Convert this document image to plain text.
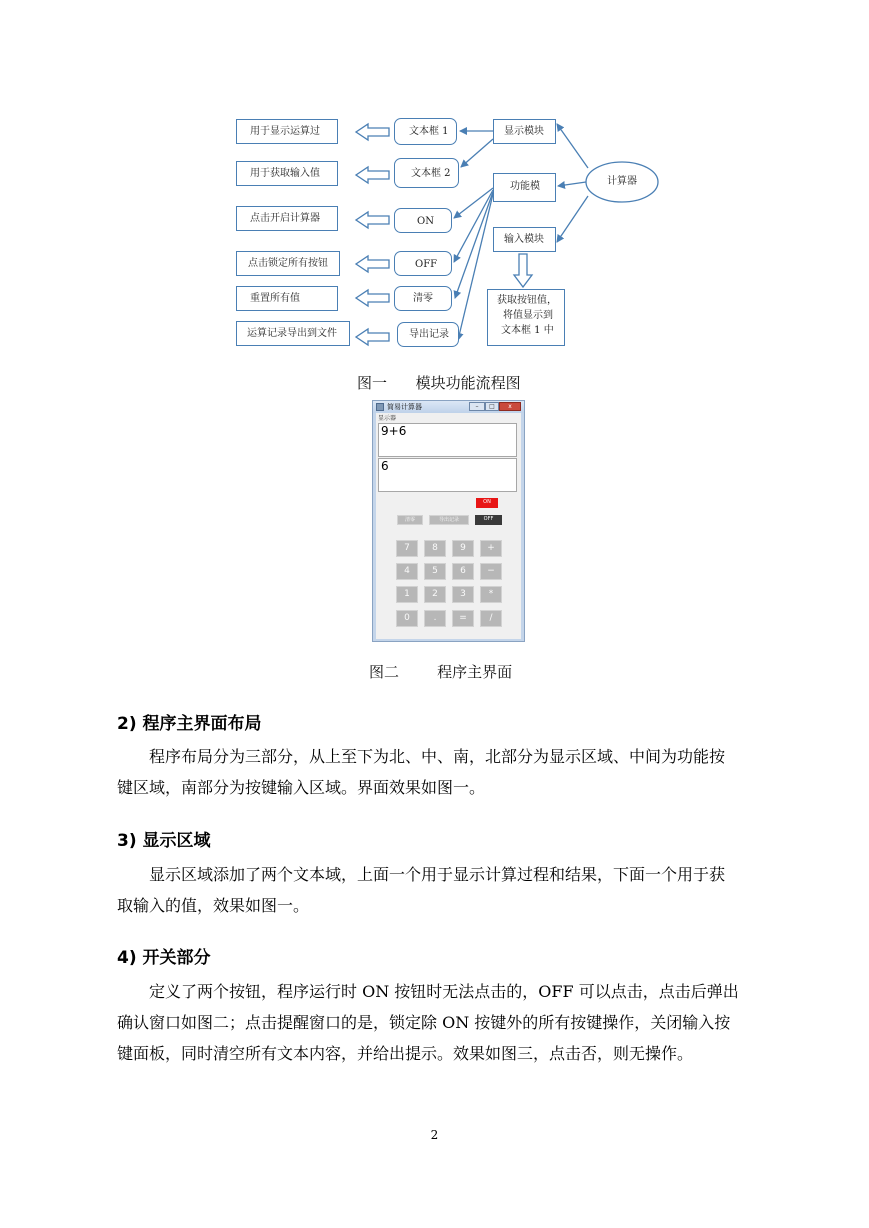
用于显示运算过
用于获取输入值
点击开启计算器
点击锁定所有按钮
重置所有值
运算记录导出到文件
文本框 1
文本框 2
ON
OFF
清零
导出记录
显示模块
功能模
输入模块
计算器
获取按钮值，
将值显示到
文本框 1 中
图一      模块功能流程图
简易计算器	–	□	x
显示器
9+6
6
ON
清零	导出记录	OFF
7	8	9	+
4	5	6	−
1	2	3	*
0	.	=	/
图二        程序主界面
2) 程序主界面布局
程序布局分为三部分，从上至下为北、中、南，北部分为显示区域、中间为功能按
键区域，南部分为按键输入区域。界面效果如图一。
3) 显示区域
显示区域添加了两个文本域，上面一个用于显示计算过程和结果，下面一个用于获
取输入的值，效果如图一。
4) 开关部分
定义了两个按钮，程序运行时 ON 按钮时无法点击的，OFF 可以点击，点击后弹出
确认窗口如图二；点击提醒窗口的是，锁定除 ON 按键外的所有按键操作，关闭输入按
键面板，同时清空所有文本内容，并给出提示。效果如图三，点击否，则无操作。
2
